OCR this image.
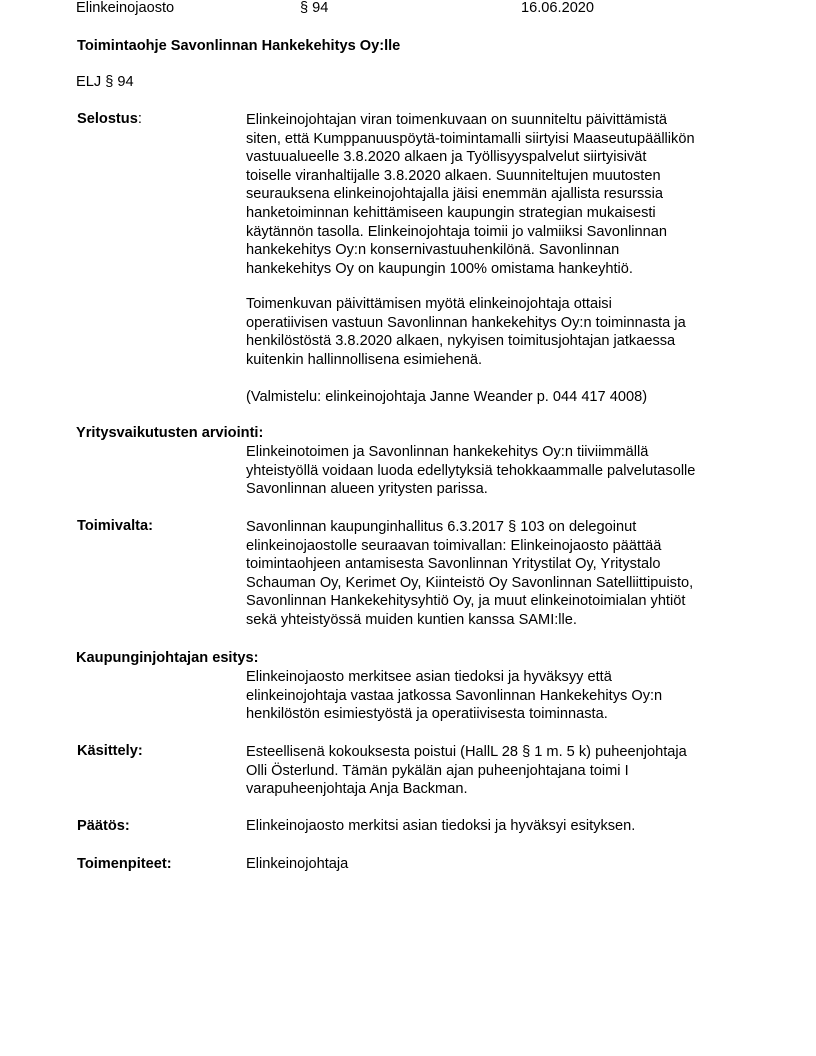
Elinkeinojaosto	§ 94	16.06.2020
Toimintaohje Savonlinnan Hankekehitys Oy:lle
ELJ § 94
Selostus:	Elinkeinojohtajan viran toimenkuvaan on suunniteltu päivittämistä
siten, että Kumppanuuspöytä-toimintamalli siirtyisi Maaseutupäällikön
vastuualueelle 3.8.2020 alkaen ja Työllisyyspalvelut siirtyisivät
toiselle viranhaltijalle 3.8.2020 alkaen. Suunniteltujen muutosten
seurauksena elinkeinojohtajalla jäisi enemmän ajallista resurssia
hanketoiminnan kehittämiseen kaupungin strategian mukaisesti
käytännön tasolla. Elinkeinojohtaja toimii jo valmiiksi Savonlinnan
hankekehitys Oy:n konsernivastuuhenkilönä. Savonlinnan
hankekehitys Oy on kaupungin 100% omistama hankeyhtiö.
Toimenkuvan päivittämisen myötä elinkeinojohtaja ottaisi
operatiivisen vastuun Savonlinnan hankekehitys Oy:n toiminnasta ja
henkilöstöstä 3.8.2020 alkaen, nykyisen toimitusjohtajan jatkaessa
kuitenkin hallinnollisena esimiehenä.
(Valmistelu: elinkeinojohtaja Janne Weander p. 044 417 4008)
Yritysvaikutusten arviointi:
Elinkeinotoimen ja Savonlinnan hankekehitys Oy:n tiiviimmällä
yhteistyöllä voidaan luoda edellytyksiä tehokkaammalle palvelutasolle
Savonlinnan alueen yritysten parissa.
Toimivalta:	Savonlinnan kaupunginhallitus 6.3.2017 § 103 on delegoinut
elinkeinojaostolle seuraavan toimivallan: Elinkeinojaosto päättää
toimintaohjeen antamisesta Savonlinnan Yritystilat Oy, Yritystalo
Schauman Oy, Kerimet Oy, Kiinteistö Oy Savonlinnan Satelliittipuisto,
Savonlinnan Hankekehitysyhtiö Oy, ja muut elinkeinotoimialan yhtiöt
sekä yhteistyössä muiden kuntien kanssa SAMI:lle.
Kaupunginjohtajan esitys:
Elinkeinojaosto merkitsee asian tiedoksi ja hyväksyy että
elinkeinojohtaja vastaa jatkossa Savonlinnan Hankekehitys Oy:n
henkilöstön esimiestyöstä ja operatiivisesta toiminnasta.
Käsittely:	Esteellisenä kokouksesta poistui (HallL 28 § 1 m. 5 k) puheenjohtaja
Olli Österlund. Tämän pykälän ajan puheenjohtajana toimi I
varapuheenjohtaja Anja Backman.
Päätös:	Elinkeinojaosto merkitsi asian tiedoksi ja hyväksyi esityksen.
Toimenpiteet:	Elinkeinojohtaja
